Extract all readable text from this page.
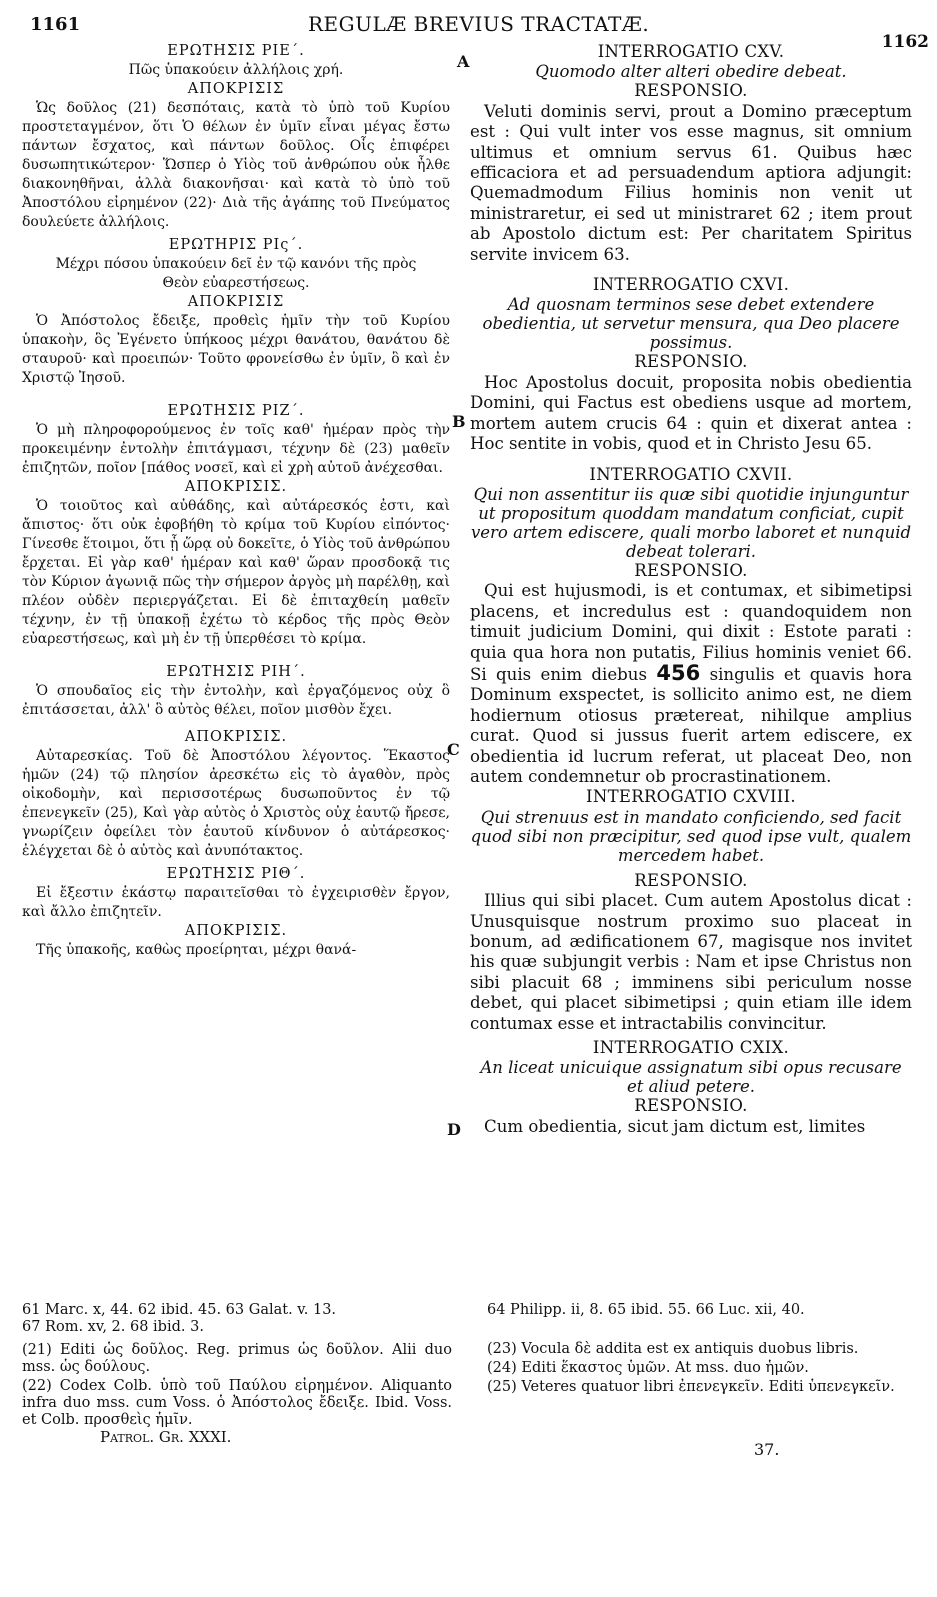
1161	REGULÆ BREVIUS TRACTATÆ.
1162
A
B
C
D

ΕΡΩΤΗΣΙΣ ΡΙΕ΄.

Πῶς ὑπακούειν ἀλλήλοις χρή.

ΑΠΟΚΡΙΣΙΣ

Ὡς δοῦλος (21) δεσπόταις, κατὰ τὸ ὑπὸ τοῦ Κυρίου προστεταγμένον, ὅτι Ὁ θέλων ἐν ὑμῖν εἶναι μέγας ἔστω πάντων ἔσχατος, καὶ πάντων δοῦλος. Οἷς ἐπιφέρει δυσωπητικώτερον· Ὥσπερ ὁ Υἱὸς τοῦ ἀνθρώπου οὐκ ἦλθε διακονηθῆναι, ἀλλὰ διακονῆσαι· καὶ κατὰ τὸ ὑπὸ τοῦ Ἀποστόλου εἰρημένον (22)· Διὰ τῆς ἀγάπης τοῦ Πνεύματος δουλεύετε ἀλλήλοις.

ΕΡΩΤΗΡΙΣ ΡΙς΄.

Μέχρι πόσου ὑπακούειν δεῖ ἐν τῷ κανόνι τῆς πρὸς Θεὸν εὐαρεστήσεως.

ΑΠΟΚΡΙΣΙΣ

Ὁ Ἀπόστολος ἔδειξε, προθεὶς ἡμῖν τὴν τοῦ Κυρίου ὑπακοὴν, ὃς Ἐγένετο ὑπήκοος μέχρι θανάτου, θανάτου δὲ σταυροῦ· καὶ προειπών· Τοῦτο φρονείσθω ἐν ὑμῖν, ὃ καὶ ἐν Χριστῷ Ἰησοῦ.

ΕΡΩΤΗΣΙΣ ΡΙΖ΄.

Ὁ μὴ πληροφορούμενος ἐν τοῖς καθ' ἡμέραν πρὸς τὴν προκειμένην ἐντολὴν ἐπιτάγμασι, τέχνην δὲ (23) μαθεῖν ἐπιζητῶν, ποῖον [πάθος νοσεῖ, καὶ εἰ χρὴ αὐτοῦ ἀνέχεσθαι.

ΑΠΟΚΡΙΣΙΣ.

Ὁ τοιοῦτος καὶ αὐθάδης, καὶ αὐτάρεσκός ἐστι, καὶ ἄπιστος· ὅτι οὐκ ἐφοβήθη τὸ κρίμα τοῦ Κυρίου εἰπόντος· Γίνεσθε ἕτοιμοι, ὅτι ᾗ ὥρᾳ οὐ δοκεῖτε, ὁ Υἱὸς τοῦ ἀνθρώπου ἔρχεται. Εἰ γὰρ καθ' ἡμέραν καὶ καθ' ὥραν προσδοκᾷ τις τὸν Κύριον ἀγωνιᾷ πῶς τὴν σήμερον ἀργὸς μὴ παρέλθῃ, καὶ πλέον οὐδὲν περιεργάζεται. Εἰ δὲ ἐπιταχθείη μαθεῖν τέχνην, ἐν τῇ ὑπακοῇ ἐχέτω τὸ κέρδος τῆς πρὸς Θεὸν εὐαρεστήσεως, καὶ μὴ ἐν τῇ ὑπερθέσει τὸ κρίμα.

ΕΡΩΤΗΣΙΣ ΡΙΗ΄.

Ὁ σπουδαῖος εἰς τὴν ἐντολὴν, καὶ ἐργαζόμενος οὐχ ὃ ἐπιτάσσεται, ἀλλ' ὃ αὐτὸς θέλει, ποῖον μισθὸν ἔχει.

ΑΠΟΚΡΙΣΙΣ.

Αὐταρεσκίας. Τοῦ δὲ Ἀποστόλου λέγοντος. Ἕκαστος ἡμῶν (24) τῷ πλησίον ἀρεσκέτω εἰς τὸ ἀγαθὸν, πρὸς οἰκοδομὴν, καὶ περισσοτέρως δυσωποῦντος ἐν τῷ ἐπενεγκεῖν (25), Καὶ γὰρ αὐτὸς ὁ Χριστὸς οὐχ ἑαυτῷ ἤρεσε, γνωρίζειν ὀφείλει τὸν ἑαυτοῦ κίνδυνον ὁ αὐτάρεσκος· ἐλέγχεται δὲ ὁ αὐτὸς καὶ ἀνυπότακτος.

ΕΡΩΤΗΣΙΣ ΡΙΘ΄.

Εἰ ἔξεστιν ἑκάστῳ παραιτεῖσθαι τὸ ἐγχειρισθὲν ἔργον, καὶ ἄλλο ἐπιζητεῖν.

ΑΠΟΚΡΙΣΙΣ.

Τῆς ὑπακοῆς, καθὼς προείρηται, μέχρι θανά-

INTERROGATIO CXV.

Quomodo alter alteri obedire debeat.

RESPONSIO.

Veluti dominis servi, prout a Domino præceptum est : Qui vult inter vos esse magnus, sit omnium ultimus et omnium servus 61. Quibus hæc efficaciora et ad persuadendum aptiora adjungit: Quemadmodum Filius hominis non venit ut ministraretur, ei sed ut ministraret 62 ; item prout ab Apostolo dictum est: Per charitatem Spiritus servite invicem 63.

INTERROGATIO CXVI.

Ad quosnam terminos sese debet extendere obedientia, ut servetur mensura, qua Deo placere possimus.

RESPONSIO.

Hoc Apostolus docuit, proposita nobis obedientia Domini, qui Factus est obediens usque ad mortem, mortem autem crucis 64 : quin et dixerat antea : Hoc sentite in vobis, quod et in Christo Jesu 65.

INTERROGATIO CXVII.

Qui non assentitur iis quæ sibi quotidie injunguntur ut propositum quoddam mandatum conficiat, cupit vero artem ediscere, quali morbo laboret et nunquid debeat tolerari.

RESPONSIO.

Qui est hujusmodi, is et contumax, et sibimetipsi placens, et incredulus est : quandoquidem non timuit judicium Domini, qui dixit : Estote parati : quia qua hora non putatis, Filius hominis veniet 66. Si quis enim diebus 456 singulis et quavis hora Dominum exspectet, is sollicito animo est, ne diem hodiernum otiosus prætereat, nihilque amplius curat. Quod si jussus fuerit artem ediscere, ex obedientia id lucrum referat, ut placeat Deo, non autem condemnetur ob procrastinationem.

INTERROGATIO CXVIII.

Qui strenuus est in mandato conficiendo, sed facit quod sibi non præcipitur, sed quod ipse vult, qualem mercedem habet.

RESPONSIO.

Illius qui sibi placet. Cum autem Apostolus dicat : Unusquisque nostrum proximo suo placeat in bonum, ad ædificationem 67, magisque nos invitet his quæ subjungit verbis : Nam et ipse Christus non sibi placuit 68 ; imminens sibi periculum nosse debet, qui placet sibimetipsi ; quin etiam ille idem contumax esse et intractabilis convincitur.

INTERROGATIO CXIX.

An liceat unicuique assignatum sibi opus recusare et aliud petere.

RESPONSIO.

Cum obedientia, sicut jam dictum est, limites

61 Marc. x, 44. 62 ibid. 45. 63 Galat. v. 13.

67 Rom. xv, 2. 68 ibid. 3.

(21) Editi ὡς δοῦλος. Reg. primus ὡς δοῦλον. Alii duo mss. ὡς δούλους.

(22) Codex Colb. ὑπὸ τοῦ Παύλου εἰρημένον. Aliquanto infra duo mss. cum Voss. ὁ Ἀπόστολος ἔδειξε. Ibid. Voss. et Colb. προσθεὶς ἡμῖν.

Patrol. Gr. XXXI.

64 Philipp. ii, 8. 65 ibid. 55. 66 Luc. xii, 40.

(23) Vocula δὲ addita est ex antiquis duobus libris.

(24) Editi ἕκαστος ὑμῶν. At mss. duo ἡμῶν.

(25) Veteres quatuor libri ἐπενεγκεῖν. Editi ὑπενεγκεῖν.

37.
